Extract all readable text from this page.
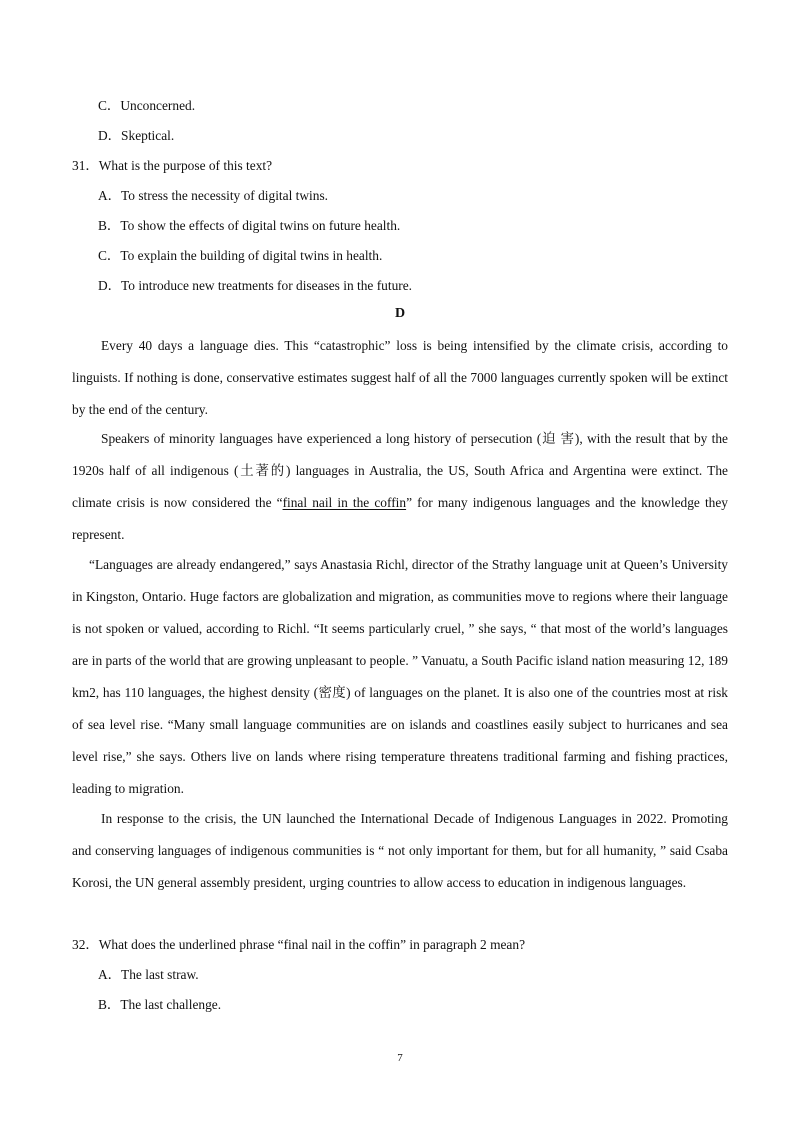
C．Unconcerned.
D．Skeptical.
31．What is the purpose of this text?
A．To stress the necessity of digital twins.
B．To show the effects of digital twins on future health.
C．To explain the building of digital twins in health.
D．To introduce new treatments for diseases in the future.
D

Every 40 days a language dies. This “catastrophic” loss is being intensified by the climate crisis, according to linguists. If nothing is done, conservative estimates suggest half of all the 7000 languages currently spoken will be extinct by the end of the century.

Speakers of minority languages have experienced a long history of persecution (迫 害), with the result that by the 1920s half of all indigenous (土著的) languages in Australia, the US, South Africa and Argentina were extinct. The climate crisis is now considered the “final nail in the coffin” for many indigenous languages and the knowledge they represent.

“Languages are already endangered,” says Anastasia Richl, director of the Strathy language unit at Queen’s University in Kingston, Ontario. Huge factors are globalization and migration, as communities move to regions where their language is not spoken or valued, according to Richl. “It seems particularly cruel, ” she says, “ that most of the world’s languages are in parts of the world that are growing unpleasant to people. ” Vanuatu, a South Pacific island nation measuring 12, 189 km2, has 110 languages, the highest density (密度) of languages on the planet. It is also one of the countries most at risk of sea level rise. “Many small language communities are on islands and coastlines easily subject to hurricanes and sea level rise,” she says. Others live on lands where rising temperature threatens traditional farming and fishing practices, leading to migration.

In response to the crisis, the UN launched the International Decade of Indigenous Languages in 2022. Promoting and conserving languages of indigenous communities is “ not only important for them, but for all humanity, ” said Csaba Korosi, the UN general assembly president, urging countries to allow access to education in indigenous languages.

32．What does the underlined phrase “final nail in the coffin” in paragraph 2 mean?
A．The last straw.
B．The last challenge.
7
